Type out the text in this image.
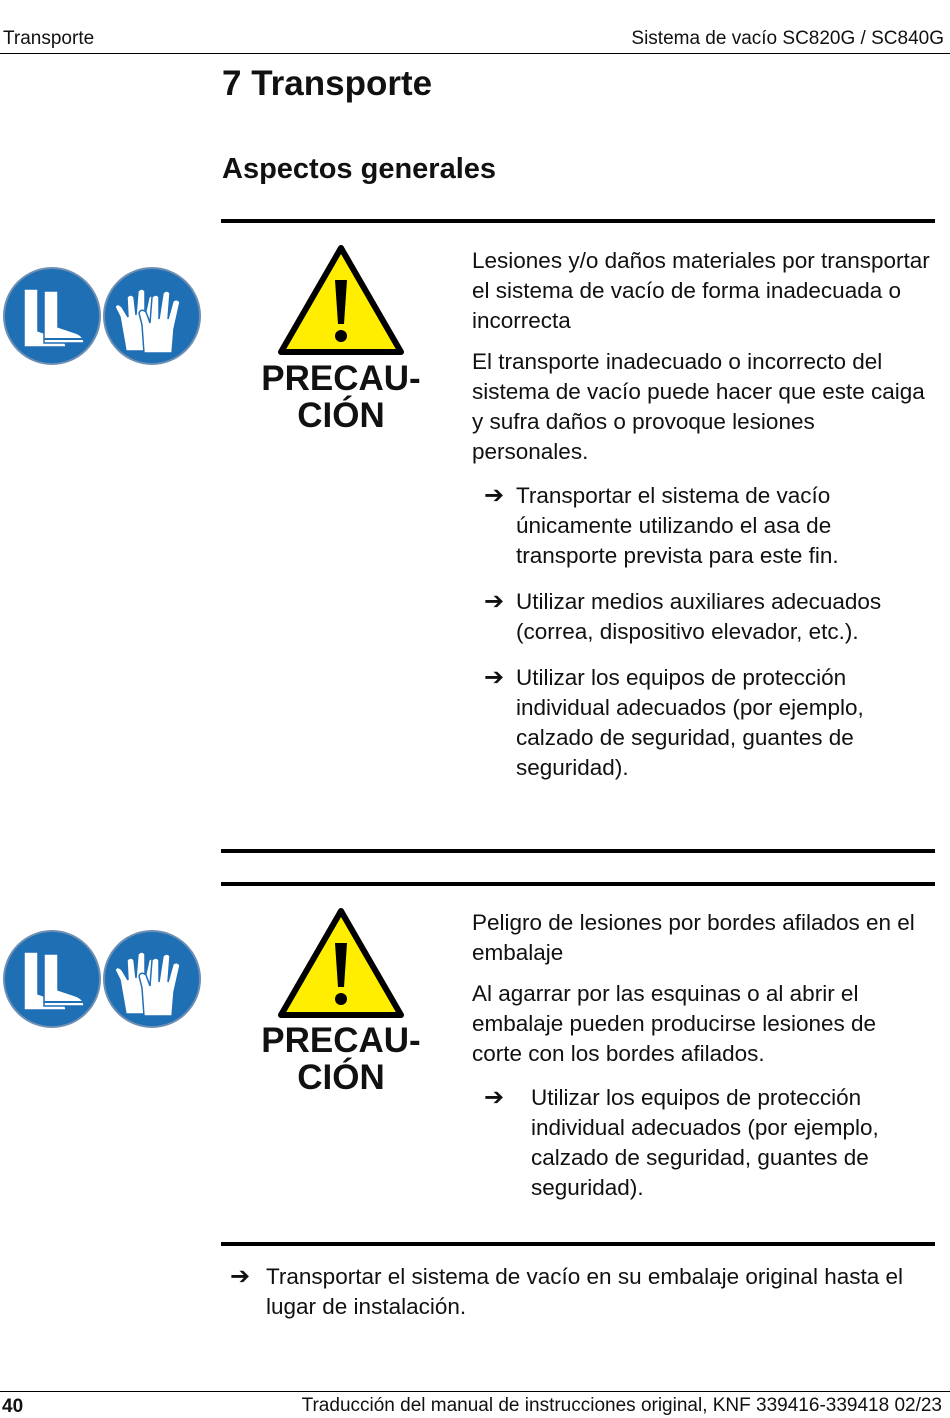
Transporte	Sistema de vacío SC820G / SC840G
7 Transporte
Aspectos generales
PRECAU-
CIÓN

Lesiones y/o daños materiales por transportar el sistema de vacío de forma inadecuada o incorrecta

El transporte inadecuado o incorrecto del sistema de vacío puede hacer que este caiga y sufra daños o provoque lesiones personales.

➔ Transportar el sistema de vacío únicamente utilizando el asa de transporte prevista para este fin.
➔ Utilizar medios auxiliares adecuados (correa, dispositivo elevador, etc.).
➔ Utilizar los equipos de protección individual adecuados (por ejemplo, calzado de seguridad, guantes de seguridad).
PRECAU-
CIÓN

Peligro de lesiones por bordes afilados en el embalaje

Al agarrar por las esquinas o al abrir el embalaje pueden producirse lesiones de corte con los bordes afilados.

➔ Utilizar los equipos de protección individual adecuados (por ejemplo, calzado de seguridad, guantes de seguridad).
➔ Transportar el sistema de vacío en su embalaje original hasta el lugar de instalación.
40	Traducción del manual de instrucciones original, KNF 339416-339418 02/23
